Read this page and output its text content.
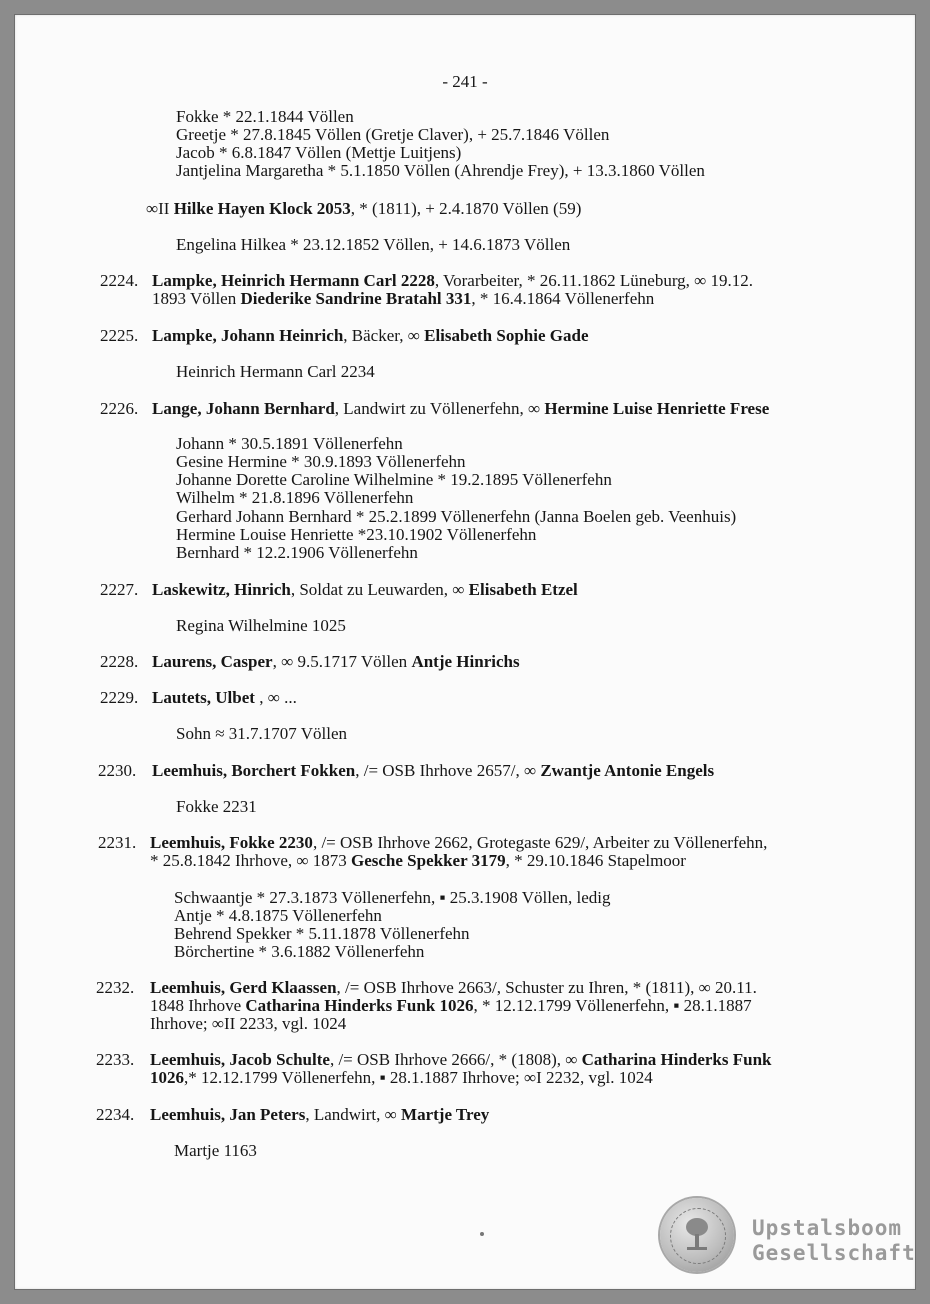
- 241 -
Fokke * 22.1.1844 Völlen
Greetje * 27.8.1845 Völlen (Gretje Claver), + 25.7.1846 Völlen
Jacob * 6.8.1847 Völlen (Mettje Luitjens)
Jantjelina Margaretha * 5.1.1850 Völlen (Ahrendje Frey), + 13.3.1860 Völlen
∞II Hilke Hayen Klock 2053, * (1811), + 2.4.1870 Völlen (59)
Engelina Hilkea * 23.12.1852 Völlen, + 14.6.1873 Völlen
2224. Lampke, Heinrich Hermann Carl 2228, Vorarbeiter, * 26.11.1862 Lüneburg, ∞ 19.12.
1893 Völlen Diederike Sandrine Bratahl 331, * 16.4.1864 Völlenerfehn
2225. Lampke, Johann Heinrich, Bäcker, ∞ Elisabeth Sophie Gade
Heinrich Hermann Carl 2234
2226. Lange, Johann Bernhard, Landwirt zu Völlenerfehn, ∞ Hermine Luise Henriette Frese
Johann * 30.5.1891 Völlenerfehn
Gesine Hermine * 30.9.1893 Völlenerfehn
Johanne Dorette Caroline Wilhelmine * 19.2.1895 Völlenerfehn
Wilhelm * 21.8.1896 Völlenerfehn
Gerhard Johann Bernhard * 25.2.1899 Völlenerfehn (Janna Boelen geb. Veenhuis)
Hermine Louise Henriette *23.10.1902 Völlenerfehn
Bernhard * 12.2.1906 Völlenerfehn
2227. Laskewitz, Hinrich, Soldat zu Leuwarden, ∞ Elisabeth Etzel
Regina Wilhelmine 1025
2228. Laurens, Casper, ∞ 9.5.1717 Völlen Antje Hinrichs
2229. Lautets, Ulbet , ∞ ...
Sohn ≈ 31.7.1707 Völlen
2230. Leemhuis, Borchert Fokken, /= OSB Ihrhove 2657/, ∞ Zwantje Antonie Engels
Fokke 2231
2231. Leemhuis, Fokke 2230, /= OSB Ihrhove 2662, Grotegaste 629/, Arbeiter zu Völlenerfehn,
* 25.8.1842 Ihrhove, ∞ 1873 Gesche Spekker 3179, * 29.10.1846 Stapelmoor
Schwaantje * 27.3.1873 Völlenerfehn, ▪ 25.3.1908 Völlen, ledig
Antje * 4.8.1875 Völlenerfehn
Behrend Spekker * 5.11.1878 Völlenerfehn
Börchertine * 3.6.1882 Völlenerfehn
2232. Leemhuis, Gerd Klaassen, /= OSB Ihrhove 2663/, Schuster zu Ihren, * (1811), ∞ 20.11.
1848 Ihrhove Catharina Hinderks Funk 1026, * 12.12.1799 Völlenerfehn, ▪ 28.1.1887
Ihrhove; ∞II 2233, vgl. 1024
2233. Leemhuis, Jacob Schulte, /= OSB Ihrhove 2666/, * (1808), ∞ Catharina Hinderks Funk
1026,* 12.12.1799 Völlenerfehn, ▪ 28.1.1887 Ihrhove; ∞I 2232, vgl. 1024
2234. Leemhuis, Jan Peters, Landwirt, ∞ Martje Trey
Martje 1163
Upstalsboom
Gesellschaft
